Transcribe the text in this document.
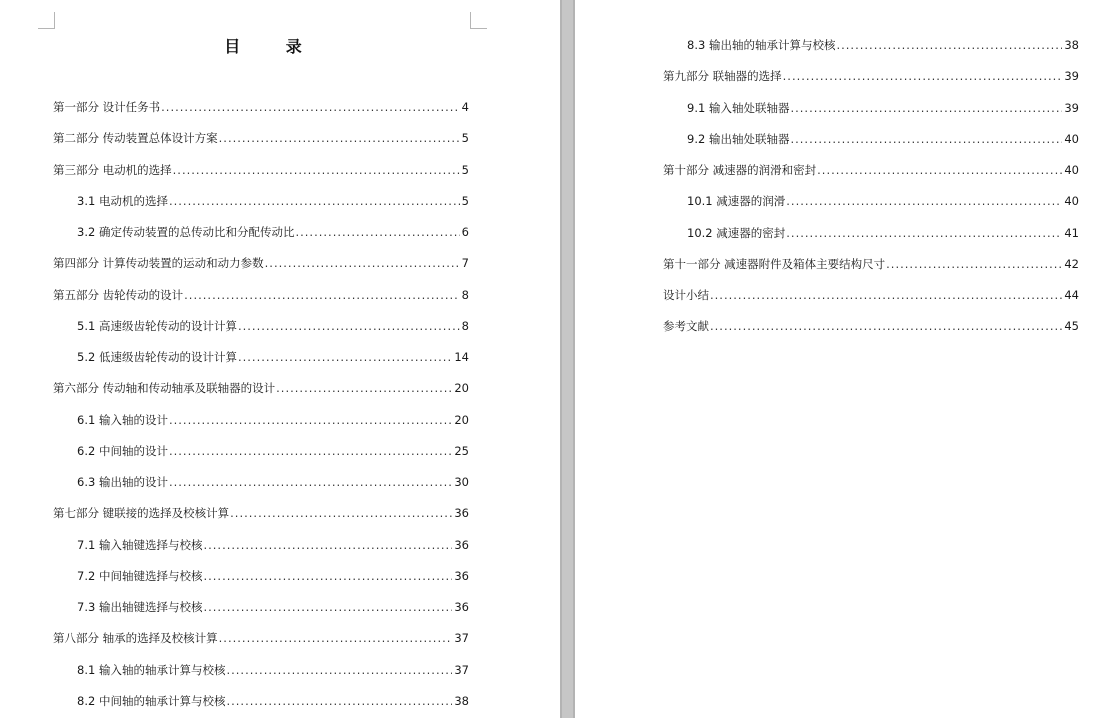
目 录
第一部分 设计任务书 .....	4
第二部分 传动装置总体设计方案 .....	5
第三部分 电动机的选择 .....	5
3.1 电动机的选择 .....	5
3.2 确定传动装置的总传动比和分配传动比 .....	6
第四部分 计算传动装置的运动和动力参数 .....	7
第五部分 齿轮传动的设计 .....	8
5.1 高速级齿轮传动的设计计算 .....	8
5.2 低速级齿轮传动的设计计算 .....	14
第六部分 传动轴和传动轴承及联轴器的设计 .....	20
6.1 输入轴的设计 .....	20
6.2 中间轴的设计 .....	25
6.3 输出轴的设计 .....	30
第七部分 键联接的选择及校核计算 .....	36
7.1 输入轴键选择与校核 .....	36
7.2 中间轴键选择与校核 .....	36
7.3 输出轴键选择与校核 .....	36
第八部分 轴承的选择及校核计算 .....	37
8.1 输入轴的轴承计算与校核 .....	37
8.2 中间轴的轴承计算与校核 .....	38
8.3 输出轴的轴承计算与校核 .....	38
第九部分 联轴器的选择 .....	39
9.1 输入轴处联轴器 .....	39
9.2 输出轴处联轴器 .....	40
第十部分 减速器的润滑和密封 .....	40
10.1 减速器的润滑 .....	40
10.2 减速器的密封 .....	41
第十一部分 减速器附件及箱体主要结构尺寸 .....	42
设计小结 .....	44
参考文献 .....	45
